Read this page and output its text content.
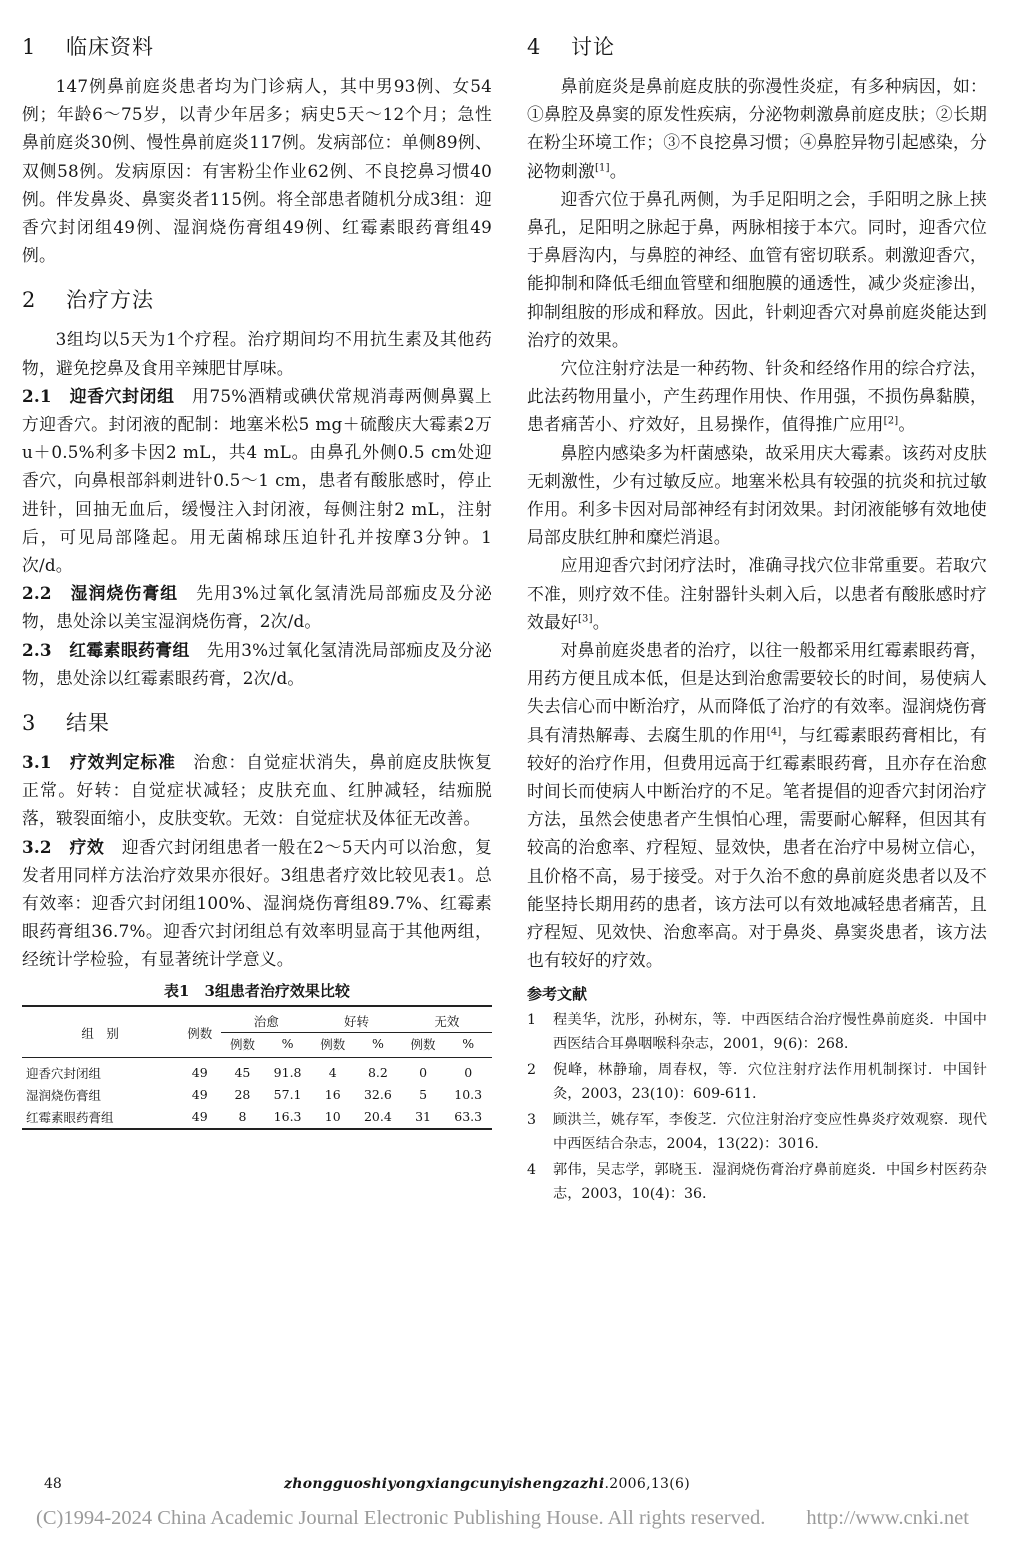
1 临床资料

147例鼻前庭炎患者均为门诊病人，其中男93例、女54例；年龄6～75岁，以青少年居多；病史5天～12个月；急性鼻前庭炎30例、慢性鼻前庭炎117例。发病部位：单侧89例、双侧58例。发病原因：有害粉尘作业62例、不良挖鼻习惯40例。伴发鼻炎、鼻窦炎者115例。将全部患者随机分成3组：迎香穴封闭组49例、湿润烧伤膏组49例、红霉素眼药膏组49例。

2 治疗方法

3组均以5天为1个疗程。治疗期间均不用抗生素及其他药物，避免挖鼻及食用辛辣肥甘厚味。

2.1　迎香穴封闭组　用75%酒精或碘伏常规消毒两侧鼻翼上方迎香穴。封闭液的配制：地塞米松5 mg＋硫酸庆大霉素2万u＋0.5%利多卡因2 mL，共4 mL。由鼻孔外侧0.5 cm处迎香穴，向鼻根部斜刺进针0.5～1 cm，患者有酸胀感时，停止进针，回抽无血后，缓慢注入封闭液，每侧注射2 mL，注射后，可见局部隆起。用无菌棉球压迫针孔并按摩3分钟。1次/d。

2.2　湿润烧伤膏组　先用3%过氧化氢清洗局部痂皮及分泌物，患处涂以美宝湿润烧伤膏，2次/d。

2.3　红霉素眼药膏组　先用3%过氧化氢清洗局部痂皮及分泌物，患处涂以红霉素眼药膏，2次/d。

3 结果

3.1　疗效判定标准　治愈：自觉症状消失，鼻前庭皮肤恢复正常。好转：自觉症状减轻；皮肤充血、红肿减轻，结痂脱落，皲裂面缩小，皮肤变软。无效：自觉症状及体征无改善。

3.2　疗效　迎香穴封闭组患者一般在2～5天内可以治愈，复发者用同样方法治疗效果亦很好。3组患者疗效比较见表1。总有效率：迎香穴封闭组100%、湿润烧伤膏组89.7%、红霉素眼药膏组36.7%。迎香穴封闭组总有效率明显高于其他两组，经统计学检验，有显著统计学意义。

表1　3组患者治疗效果比较
组　别	例数	治愈		好转		无效	
		例数	%	例数	%	例数	%
迎香穴封闭组	49	45	91.8	4	8.2	0	0
湿润烧伤膏组	49	28	57.1	16	32.6	5	10.3
红霉素眼药膏组	49	8	16.3	10	20.4	31	63.3
4 讨论

鼻前庭炎是鼻前庭皮肤的弥漫性炎症，有多种病因，如：①鼻腔及鼻窦的原发性疾病，分泌物刺激鼻前庭皮肤；②长期在粉尘环境工作；③不良挖鼻习惯；④鼻腔异物引起感染，分泌物刺激[1]。

迎香穴位于鼻孔两侧，为手足阳明之会，手阳明之脉上挟鼻孔，足阳明之脉起于鼻，两脉相接于本穴。同时，迎香穴位于鼻唇沟内，与鼻腔的神经、血管有密切联系。刺激迎香穴，能抑制和降低毛细血管壁和细胞膜的通透性，减少炎症渗出，抑制组胺的形成和释放。因此，针刺迎香穴对鼻前庭炎能达到治疗的效果。

穴位注射疗法是一种药物、针灸和经络作用的综合疗法，此法药物用量小，产生药理作用快、作用强，不损伤鼻黏膜，患者痛苦小、疗效好，且易操作，值得推广应用[2]。

鼻腔内感染多为杆菌感染，故采用庆大霉素。该药对皮肤无刺激性，少有过敏反应。地塞米松具有较强的抗炎和抗过敏作用。利多卡因对局部神经有封闭效果。封闭液能够有效地使局部皮肤红肿和糜烂消退。

应用迎香穴封闭疗法时，准确寻找穴位非常重要。若取穴不准，则疗效不佳。注射器针头刺入后，以患者有酸胀感时疗效最好[3]。

对鼻前庭炎患者的治疗，以往一般都采用红霉素眼药膏，用药方便且成本低，但是达到治愈需要较长的时间，易使病人失去信心而中断治疗，从而降低了治疗的有效率。湿润烧伤膏具有清热解毒、去腐生肌的作用[4]，与红霉素眼药膏相比，有较好的治疗作用，但费用远高于红霉素眼药膏，且亦存在治愈时间长而使病人中断治疗的不足。笔者提倡的迎香穴封闭治疗方法，虽然会使患者产生惧怕心理，需要耐心解释，但因其有较高的治愈率、疗程短、显效快，患者在治疗中易树立信心，且价格不高，易于接受。对于久治不愈的鼻前庭炎患者以及不能坚持长期用药的患者，该方法可以有效地减轻患者痛苦，且疗程短、见效快、治愈率高。对于鼻炎、鼻窦炎患者，该方法也有较好的疗效。

参考文献
1	程美华，沈彤，孙树东，等．中西医结合治疗慢性鼻前庭炎．中国中西医结合耳鼻咽喉科杂志，2001，9(6)：268.
2	倪峰，林静瑜，周春权，等．穴位注射疗法作用机制探讨．中国针灸，2003，23(10)：609-611.
3	顾洪兰，姚存军，李俊芝．穴位注射治疗变应性鼻炎疗效观察．现代中西医结合杂志，2004，13(22)：3016.
4	郭伟，吴志学，郭晓玉．湿润烧伤膏治疗鼻前庭炎．中国乡村医药杂志，2003，10(4)：36.
48	zhongguoshiyongxiangcunyishengzazhi.2006,13(6)
(C)1994-2024 China Academic Journal Electronic Publishing House. All rights reserved.　　http://www.cnki.net
